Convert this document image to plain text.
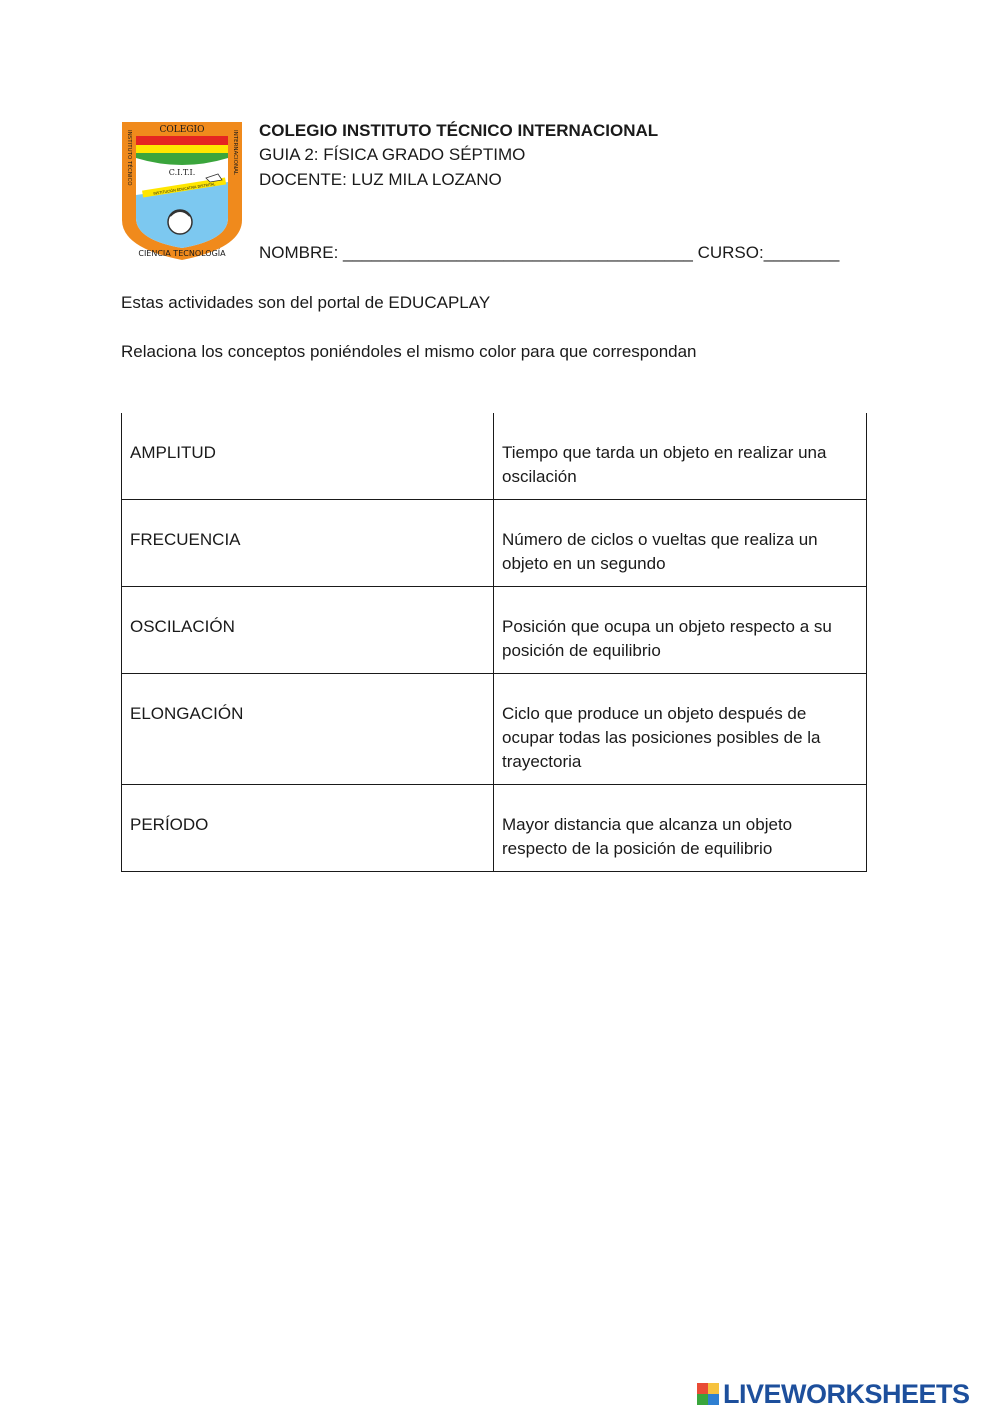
COLEGIO
C.I.T.I.
INSTITUTO TÉCNICO	INTERNACIONAL
INSTITUCIÓN EDUCATIVA DISTRITAL
CIENCIA TECNOLOGÍA
COLEGIO INSTITUTO TÉCNICO INTERNACIONAL
GUIA 2: FÍSICA GRADO SÉPTIMO
DOCENTE: LUZ MILA LOZANO
NOMBRE: _____________________________________ CURSO:________
Estas actividades son del portal de EDUCAPLAY
Relaciona los conceptos poniéndoles el mismo color para que correspondan
AMPLITUD	Tiempo que tarda un objeto en realizar una oscilación
FRECUENCIA	Número de ciclos o vueltas que realiza un objeto en un segundo
OSCILACIÓN	Posición que ocupa un objeto respecto a su posición de equilibrio
ELONGACIÓN	Ciclo que produce un objeto después de ocupar todas las posiciones posibles de la trayectoria
PERÍODO	Mayor distancia que alcanza un objeto respecto de la posición de equilibrio
LIVEWORKSHEETS
